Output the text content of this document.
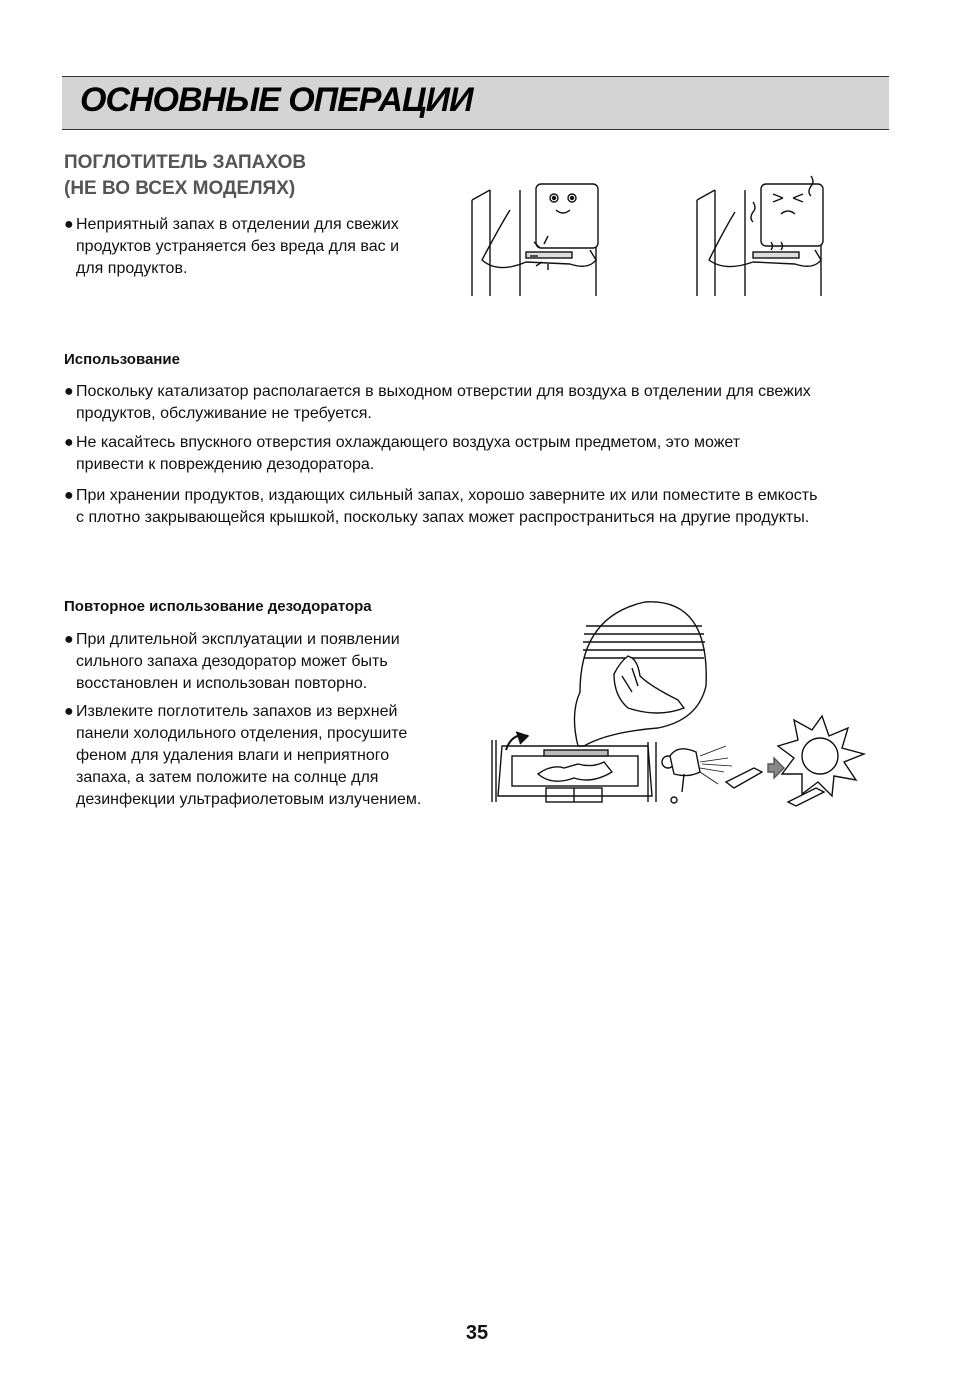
ОСНОВНЫЕ ОПЕРАЦИИ
ПОГЛОТИТЕЛЬ ЗАПАХОВ
(НЕ ВО ВСЕХ МОДЕЛЯХ)
● Неприятный запах в отделении для свежих
продуктов устраняется без вреда для вас и
для продуктов.
Использование
● Поскольку катализатор располагается в выходном отверстии для воздуха в отделении для свежих
продуктов, обслуживание не требуется.
● Не касайтесь впускного отверстия охлаждающего воздуха острым предметом, это может
привести к повреждению дезодоратора.
● При хранении продуктов, издающих сильный запах, хорошо заверните их или поместите в емкость
с плотно закрывающейся крышкой, поскольку запах может распространиться на другие продукты.
Повторное использование дезодоратора
● При длительной эксплуатации и появлении
сильного запаха дезодоратор может быть
восстановлен и использован повторно.
● Извлеките поглотитель запахов из верхней
панели холодильного отделения, просушите
феном для удаления влаги и неприятного
запаха, а затем положите на солнце для
дезинфекции ультрафиолетовым излучением.
35
